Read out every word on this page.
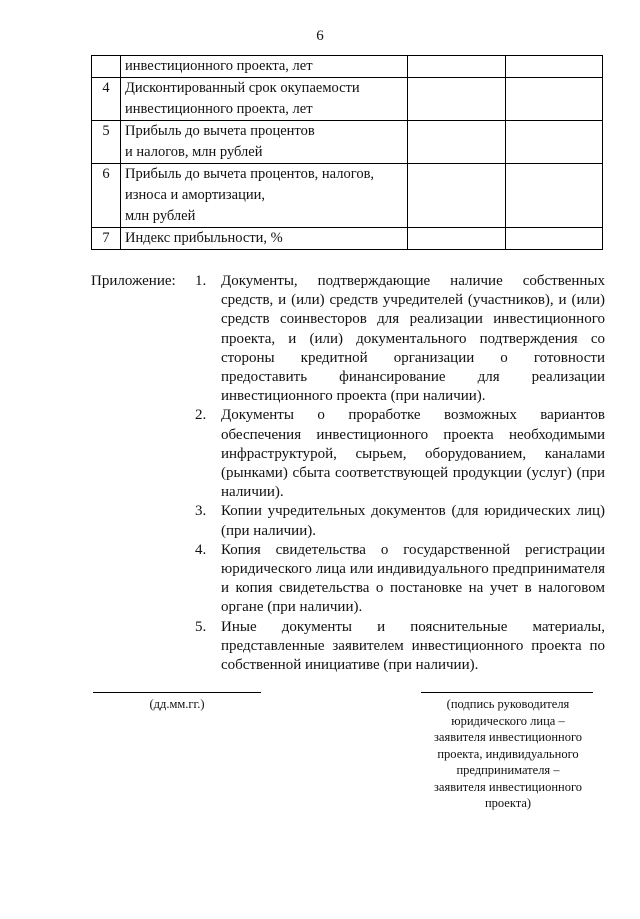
6

	инвестиционного проекта, лет		

4	Дисконтированный срок окупаемости
инвестиционного проекта, лет		

5	Прибыль до вычета процентов
и налогов, млн рублей		

6	Прибыль до вычета процентов, налогов,
износа и амортизации,
млн рублей		

7	Индекс прибыльности, %		

Приложение: 1. Документы, подтверждающие наличие собственных средств, и (или) средств учредителей (участников), и (или) средств соинвесторов для реализации инвестиционного проекта, и (или) документального подтверждения со стороны кредитной организации о готовности предоставить финансирование для реализации инвестиционного проекта (при наличии).
2. Документы о проработке возможных вариантов обеспечения инвестиционного проекта необходимыми инфраструктурой, сырьем, оборудованием, каналами (рынками) сбыта соответствующей продукции (услуг) (при наличии).
3. Копии учредительных документов (для юридических лиц) (при наличии).
4. Копия свидетельства о государственной регистрации юридического лица или индивидуального предпринимателя и копия свидетельства о постановке на учет в налоговом органе (при наличии).
5. Иные документы и пояснительные материалы, представленные заявителем инвестиционного проекта по собственной инициативе (при наличии).
(дд.мм.гг.)	(подпись руководителя
юридического лица –
заявителя инвестиционного
проекта, индивидуального
предпринимателя –
заявителя инвестиционного
проекта)
